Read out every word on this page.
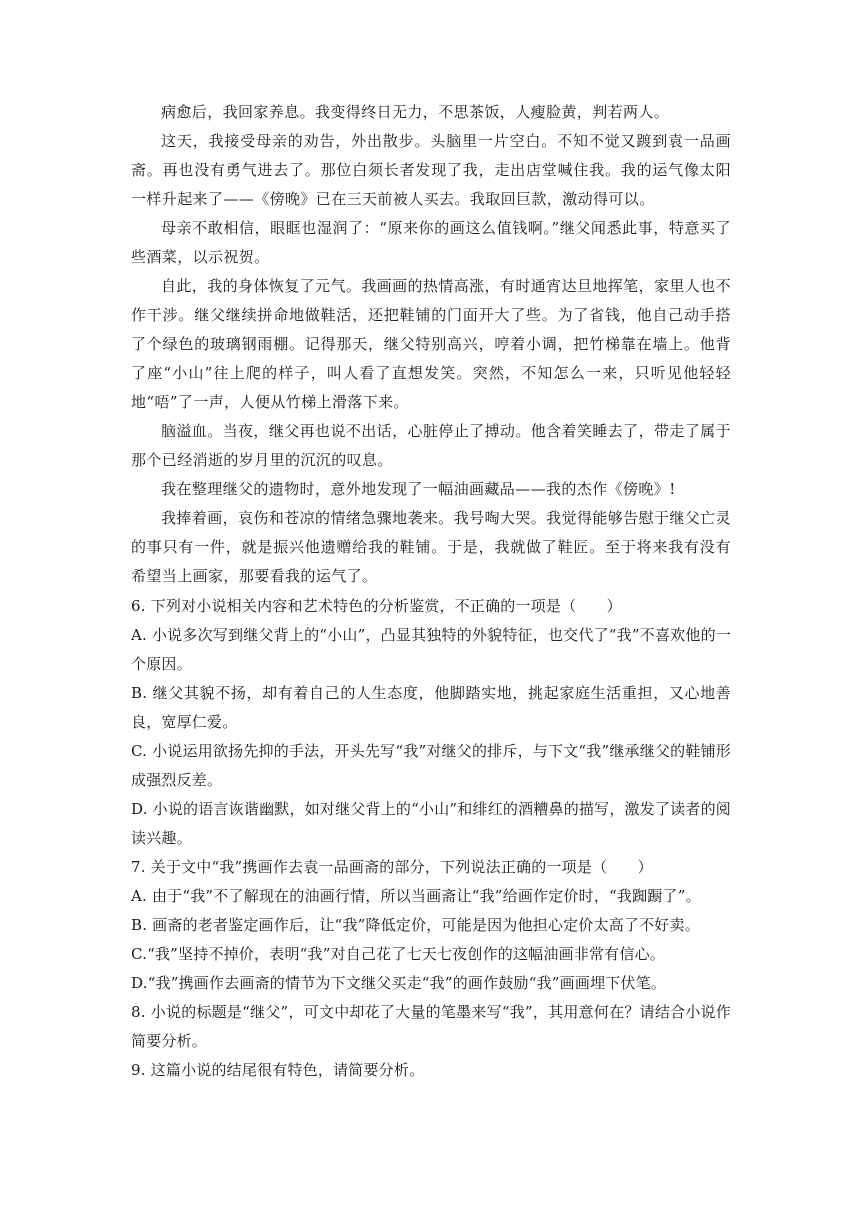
病愈后，我回家养息。我变得终日无力，不思茶饭，人瘦脸黄，判若两人。

这天，我接受母亲的劝告，外出散步。头脑里一片空白。不知不觉又踱到袁一品画斋。再也没有勇气进去了。那位白须长者发现了我，走出店堂喊住我。我的运气像太阳一样升起来了——《傍晚》已在三天前被人买去。我取回巨款，激动得可以。

母亲不敢相信，眼眶也湿润了：“原来你的画这么值钱啊。”继父闻悉此事，特意买了些酒菜，以示祝贺。

自此，我的身体恢复了元气。我画画的热情高涨，有时通宵达旦地挥笔，家里人也不作干涉。继父继续拼命地做鞋活，还把鞋铺的门面开大了些。为了省钱，他自己动手搭了个绿色的玻璃钢雨棚。记得那天，继父特别高兴，哼着小调，把竹梯靠在墙上。他背了座“小山”往上爬的样子，叫人看了直想发笑。突然，不知怎么一来，只听见他轻轻地“唔”了一声，人便从竹梯上滑落下来。

脑溢血。当夜，继父再也说不出话，心脏停止了搏动。他含着笑睡去了，带走了属于那个已经消逝的岁月里的沉沉的叹息。

我在整理继父的遗物时，意外地发现了一幅油画藏品——我的杰作《傍晚》!

我捧着画，哀伤和苍凉的情绪急骤地袭来。我号啕大哭。我觉得能够告慰于继父亡灵的事只有一件，就是振兴他遗赠给我的鞋铺。于是，我就做了鞋匠。至于将来我有没有希望当上画家，那要看我的运气了。

6. 下列对小说相关内容和艺术特色的分析鉴赏，不正确的一项是（　　）

A. 小说多次写到继父背上的“小山”，凸显其独特的外貌特征，也交代了“我”不喜欢他的一个原因。
B. 继父其貌不扬，却有着自己的人生态度，他脚踏实地，挑起家庭生活重担，又心地善良，宽厚仁爱。
C. 小说运用欲扬先抑的手法，开头先写“我”对继父的排斥，与下文“我”继承继父的鞋铺形成强烈反差。
D. 小说的语言诙谐幽默，如对继父背上的“小山”和绯红的酒糟鼻的描写，激发了读者的阅读兴趣。

7. 关于文中“我”携画作去袁一品画斋的部分，下列说法正确的一项是（　　）

A. 由于“我”不了解现在的油画行情，所以当画斋让“我”给画作定价时，“我踟蹰了”。
B. 画斋的老者鉴定画作后，让“我”降低定价，可能是因为他担心定价太高了不好卖。
C.“我”坚持不掉价，表明“我”对自己花了七天七夜创作的这幅油画非常有信心。
D.“我”携画作去画斋的情节为下文继父买走“我”的画作鼓励“我”画画埋下伏笔。

8. 小说的标题是“继父”，可文中却花了大量的笔墨来写“我”，其用意何在？请结合小说作简要分析。

9. 这篇小说的结尾很有特色，请简要分析。
